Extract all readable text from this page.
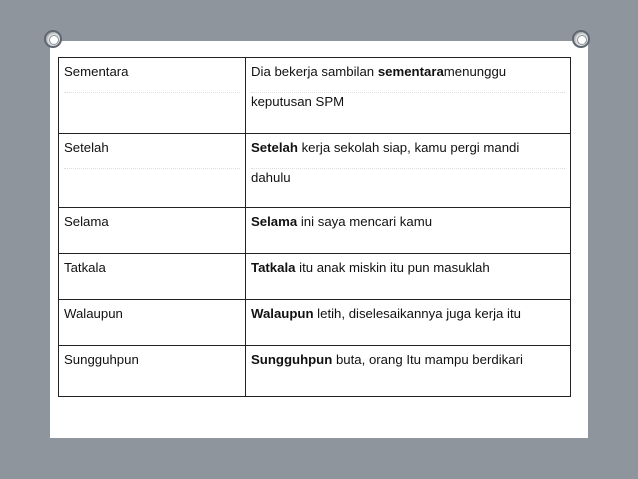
Sementara	Dia bekerja sambilan sementaramenunggu
keputusan SPM

Setelah	Setelah kerja sekolah siap, kamu pergi mandi
dahulu

Selama	Selama ini saya mencari kamu

Tatkala	Tatkala itu anak miskin itu pun masuklah

Walaupun	Walaupun letih, diselesaikannya juga kerja itu

Sungguhpun	Sungguhpun buta, orang Itu mampu berdikari
